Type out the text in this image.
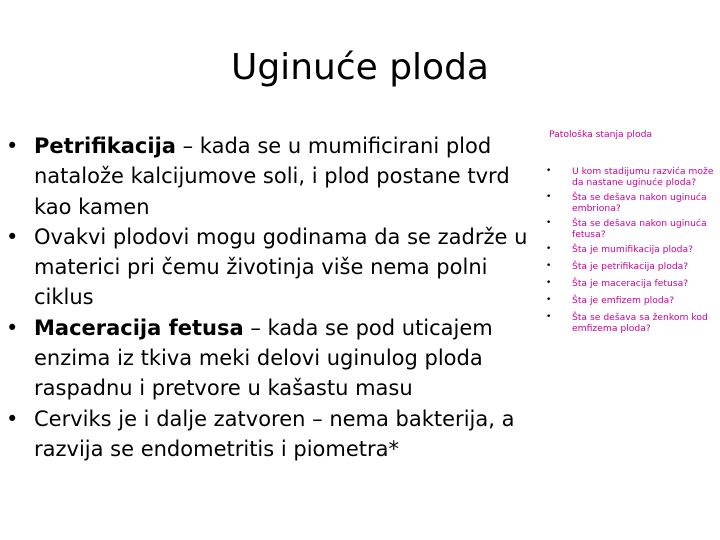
Uginuće ploda
• Petrifikacija – kada se u mumificirani plod natalože kalcijumove soli, i plod postane tvrd kao kamen
• Ovakvi plodovi mogu godinama da se zadrže u materici pri čemu životinja više nema polni ciklus
• Maceracija fetusa – kada se pod uticajem enzima iz tkiva meki delovi uginulog ploda raspadnu i pretvore u kašastu masu
• Cerviks je i dalje zatvoren – nema bakterija, a razvija se endometritis i piometra*
Patološka stanja ploda
• U kom stadijumu razvića može da nastane uginuće ploda?
• Šta se dešava nakon uginuća embriona?
• Šta se dešava nakon uginuća fetusa?
• Šta je mumifikacija ploda?
• Šta je petrifikacija ploda?
• Šta je maceracija fetusa?
• Šta je emfizem ploda?
• Šta se dešava sa ženkom kod emfizema ploda?
